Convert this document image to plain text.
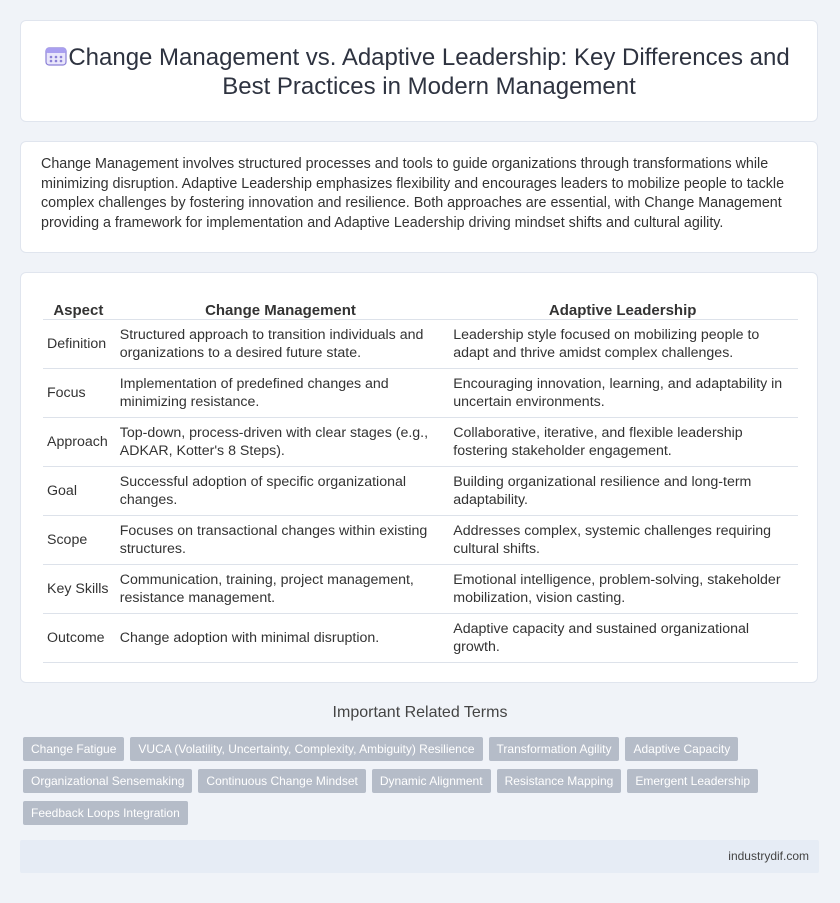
Change Management vs. Adaptive Leadership: Key Differences and Best Practices in Modern Management

Change Management involves structured processes and tools to guide organizations through transformations while minimizing disruption. Adaptive Leadership emphasizes flexibility and encourages leaders to mobilize people to tackle complex challenges by fostering innovation and resilience. Both approaches are essential, with Change Management providing a framework for implementation and Adaptive Leadership driving mindset shifts and cultural agility.

Aspect	Change Management	Adaptive Leadership
Definition	Structured approach to transition individuals and organizations to a desired future state.	Leadership style focused on mobilizing people to adapt and thrive amidst complex challenges.
Focus	Implementation of predefined changes and minimizing resistance.	Encouraging innovation, learning, and adaptability in uncertain environments.
Approach	Top-down, process-driven with clear stages (e.g., ADKAR, Kotter's 8 Steps).	Collaborative, iterative, and flexible leadership fostering stakeholder engagement.
Goal	Successful adoption of specific organizational changes.	Building organizational resilience and long-term adaptability.
Scope	Focuses on transactional changes within existing structures.	Addresses complex, systemic challenges requiring cultural shifts.
Key Skills	Communication, training, project management, resistance management.	Emotional intelligence, problem-solving, stakeholder mobilization, vision casting.
Outcome	Change adoption with minimal disruption.	Adaptive capacity and sustained organizational growth.
Important Related Terms
Change Fatigue VUCA (Volatility, Uncertainty, Complexity, Ambiguity) Resilience Transformation Agility Adaptive CapacityOrganizational Sensemaking Continuous Change Mindset Dynamic Alignment Resistance Mapping Emergent LeadershipFeedback Loops Integration
industrydif.com
